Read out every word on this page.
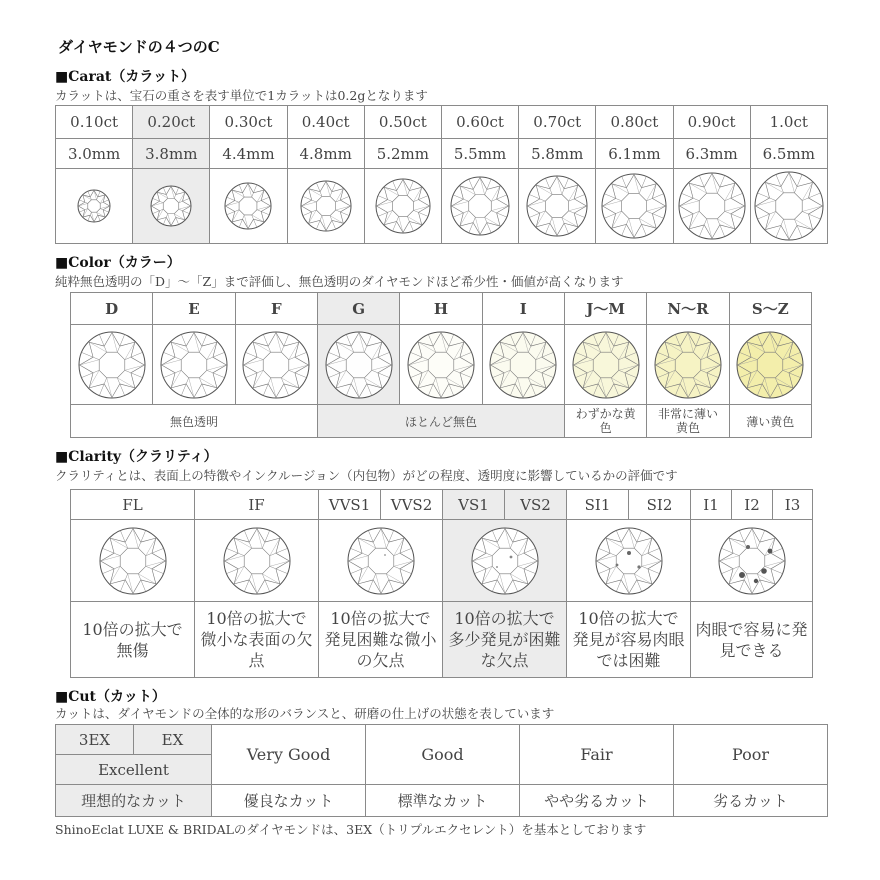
ダイヤモンドの４つのC
■Carat（カラット）
カラットは、宝石の重さを表す単位で1カラットは0.2gとなります
0.10ct	0.20ct	0.30ct	0.40ct	0.50ct	0.60ct	0.70ct	0.80ct	0.90ct	1.0ct
3.0mm	3.8mm	4.4mm	4.8mm	5.2mm	5.5mm	5.8mm	6.1mm	6.3mm	6.5mm

■Color（カラー）
純粋無色透明の「D」～「Z」まで評価し、無色透明のダイヤモンドほど希少性・価値が高くなります
D	E	F	G	H	I	J～M	N～R	S～Z

無色透明			ほとんど無色			わずかな黄色	非常に薄い黄色	薄い黄色
■Clarity（クラリティ）
クラリティとは、表面上の特徴やインクルージョン（内包物）がどの程度、透明度に影響しているかの評価です
FL	IF	VVS1	VVS2	VS1	VS2	SI1	SI2	I1	I2	I3

10倍の拡大で無傷	10倍の拡大で微小な表面の欠点	10倍の拡大で発見困難な微小の欠点		10倍の拡大で多少発見が困難な欠点		10倍の拡大で発見が容易肉眼では困難		肉眼で容易に発見できる		
■Cut（カット）
カットは、ダイヤモンドの全体的な形のバランスと、研磨の仕上げの状態を表しています
3EX	EX	Very Good	Good	Fair	Poor
Excellent					
理想的なカット		優良なカット	標準なカット	やや劣るカット	劣るカット
ShinoEclat LUXE & BRIDALのダイヤモンドは、3EX（トリプルエクセレント）を基本としております
